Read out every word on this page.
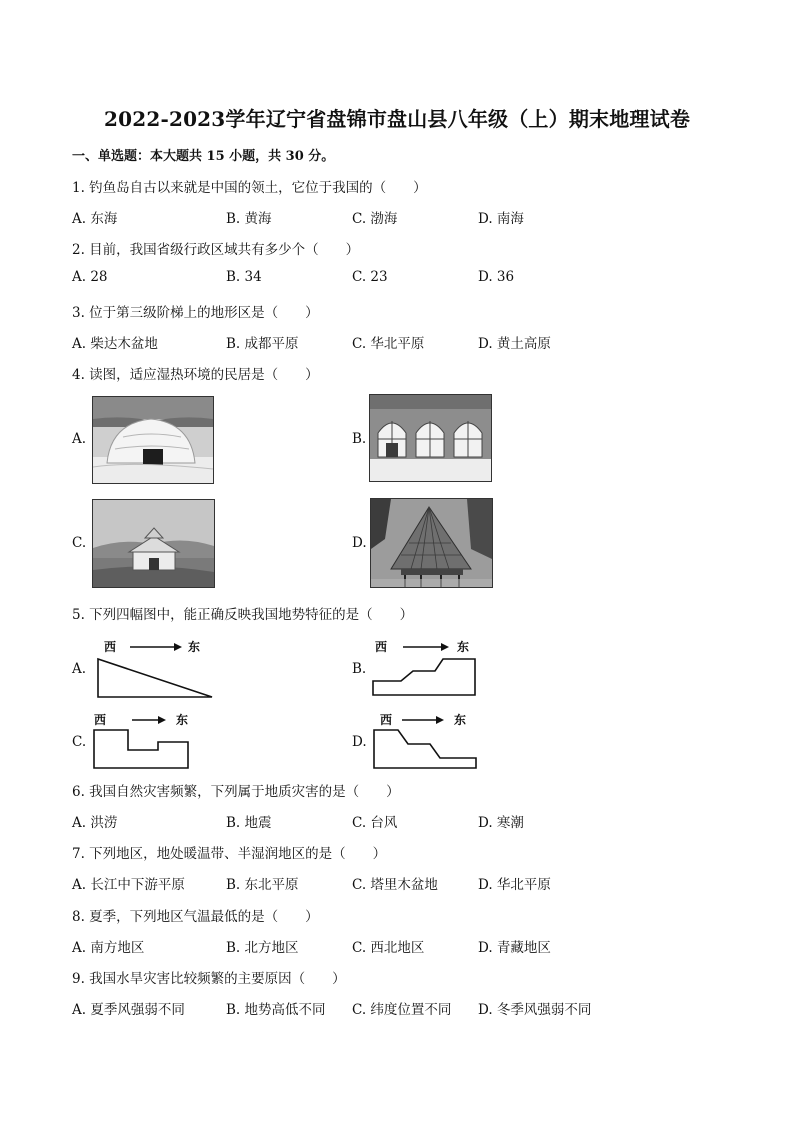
2022-2023学年辽宁省盘锦市盘山县八年级（上）期末地理试卷
一、单选题：本大题共 15 小题，共 30 分。
1. 钓鱼岛自古以来就是中国的领土，它位于我国的（　　）
A. 东海	B. 黄海	C. 渤海	D. 南海
2. 目前，我国省级行政区域共有多少个（　　）
A. 28	B. 34	C. 23	D. 36
3. 位于第三级阶梯上的地形区是（　　）
A. 柴达木盆地	B. 成都平原	C. 华北平原	D. 黄土高原
4. 读图，适应湿热环境的民居是（　　）
A.	B.
C.	D.
5. 下列四幅图中，能正确反映我国地势特征的是（　　）
A.
西	东
B.
西	东
C.
西	东
D.
西	东
6. 我国自然灾害频繁，下列属于地质灾害的是（　　）
A. 洪涝	B. 地震	C. 台风	D. 寒潮
7. 下列地区，地处暖温带、半湿润地区的是（　　）
A. 长江中下游平原	B. 东北平原	C. 塔里木盆地	D. 华北平原
8. 夏季，下列地区气温最低的是（　　）
A. 南方地区	B. 北方地区	C. 西北地区	D. 青藏地区
9. 我国水旱灾害比较频繁的主要原因（　　）
A. 夏季风强弱不同	B. 地势高低不同 C. 纬度位置不同 D. 冬季风强弱不同
